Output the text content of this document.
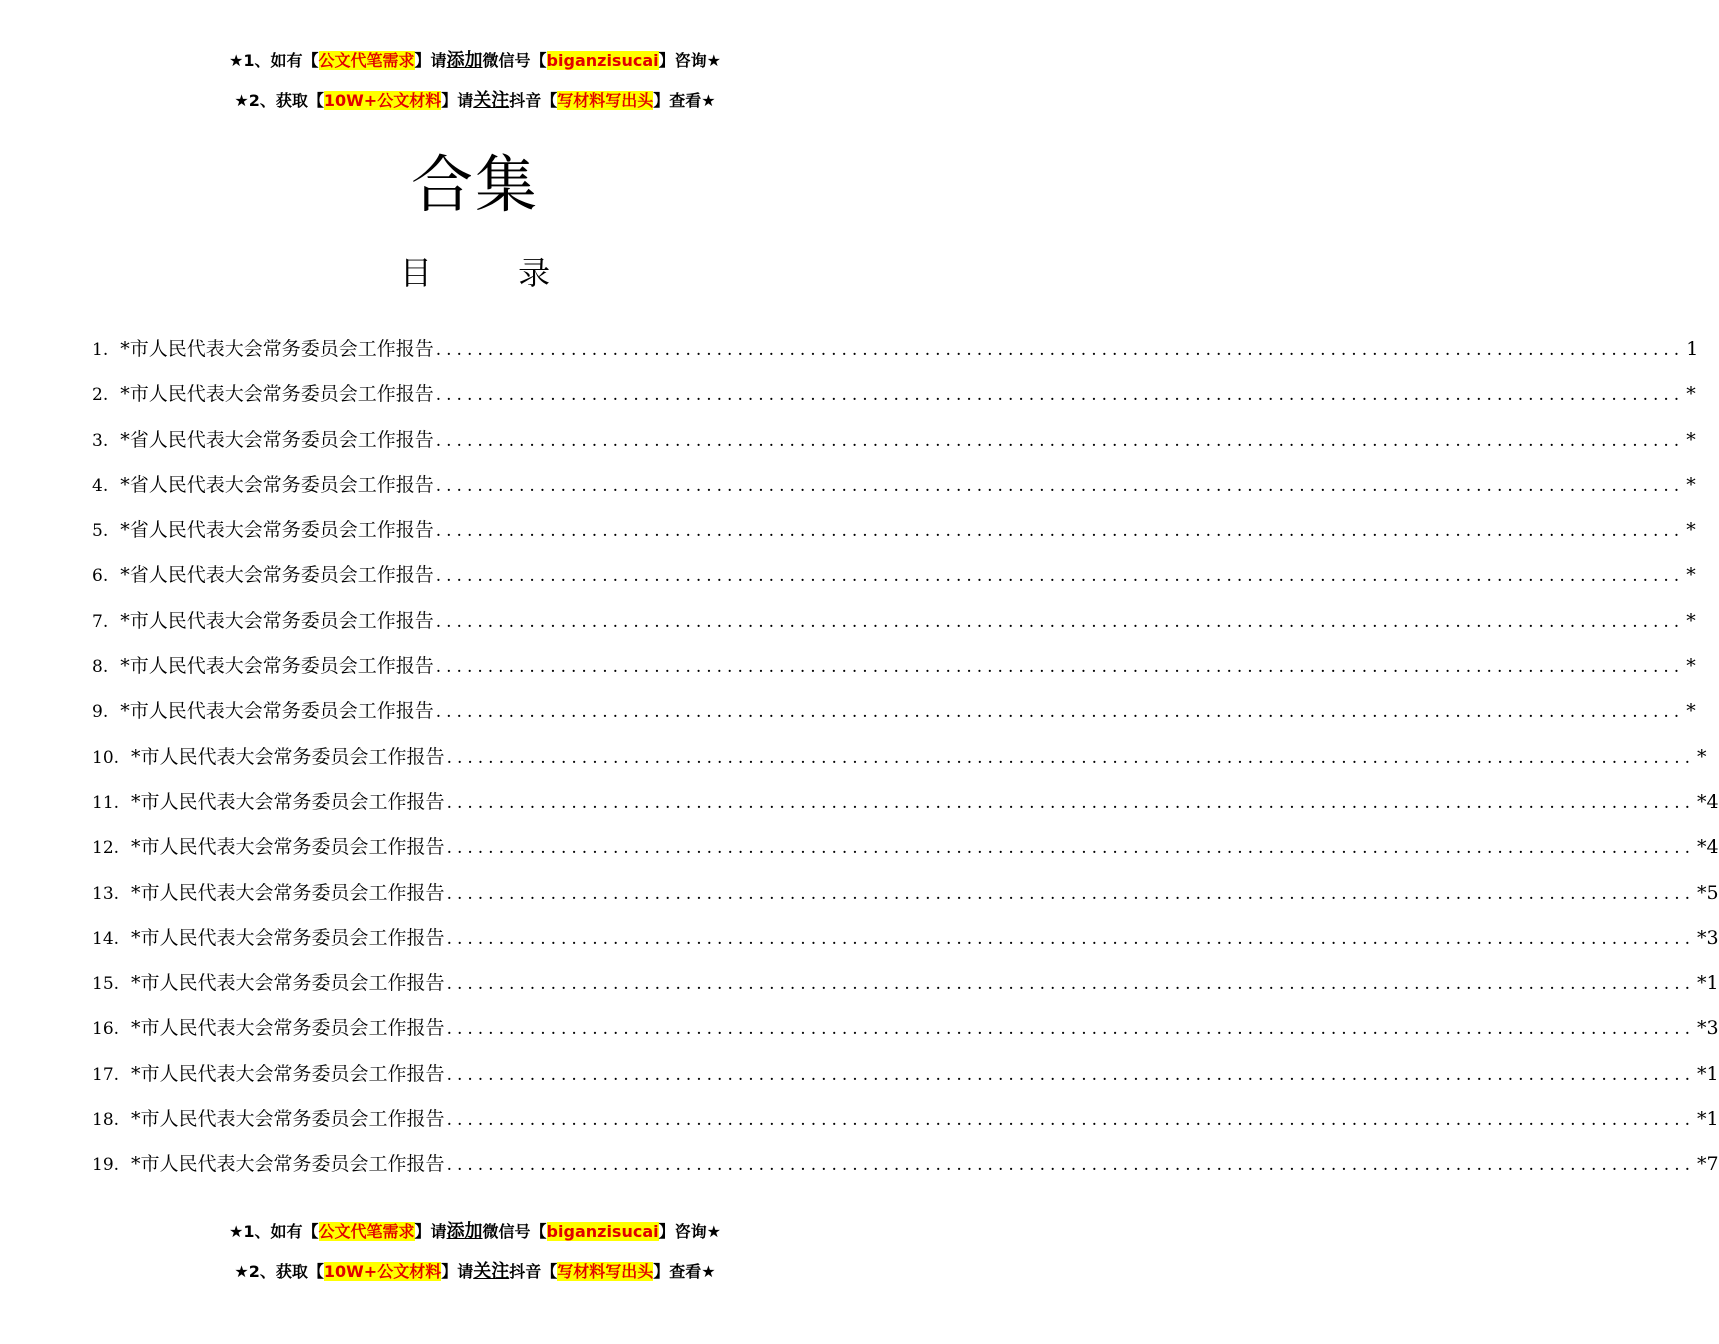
★1、如有【公文代笔需求】请添加微信号【biganzisucai】咨询★
★2、获取【10W+公文材料】请关注抖音【写材料写出头】查看★
合集
目 录
1. *市人民代表大会常务委员会工作报告 ........................................................................................................................ 1
2. *市人民代表大会常务委员会工作报告 ........................................................................................................................ *
3. *省人民代表大会常务委员会工作报告 ........................................................................................................................ *
4. *省人民代表大会常务委员会工作报告 ........................................................................................................................ *
5. *省人民代表大会常务委员会工作报告 ........................................................................................................................ *
6. *省人民代表大会常务委员会工作报告 ........................................................................................................................ *
7. *市人民代表大会常务委员会工作报告 ........................................................................................................................ *
8. *市人民代表大会常务委员会工作报告 ........................................................................................................................ *
9. *市人民代表大会常务委员会工作报告 ........................................................................................................................ *
10. *市人民代表大会常务委员会工作报告 ........................................................................................................................ *
11. *市人民代表大会常务委员会工作报告 ........................................................................................................................ *4
12. *市人民代表大会常务委员会工作报告 ........................................................................................................................ *4
13. *市人民代表大会常务委员会工作报告 ........................................................................................................................ *5
14. *市人民代表大会常务委员会工作报告 ........................................................................................................................ *3
15. *市人民代表大会常务委员会工作报告 ........................................................................................................................ *1
16. *市人民代表大会常务委员会工作报告 ........................................................................................................................ *3
17. *市人民代表大会常务委员会工作报告 ........................................................................................................................ *1
18. *市人民代表大会常务委员会工作报告 ........................................................................................................................ *1
19. *市人民代表大会常务委员会工作报告 ........................................................................................................................ *7
★1、如有【公文代笔需求】请添加微信号【biganzisucai】咨询★
★2、获取【10W+公文材料】请关注抖音【写材料写出头】查看★
